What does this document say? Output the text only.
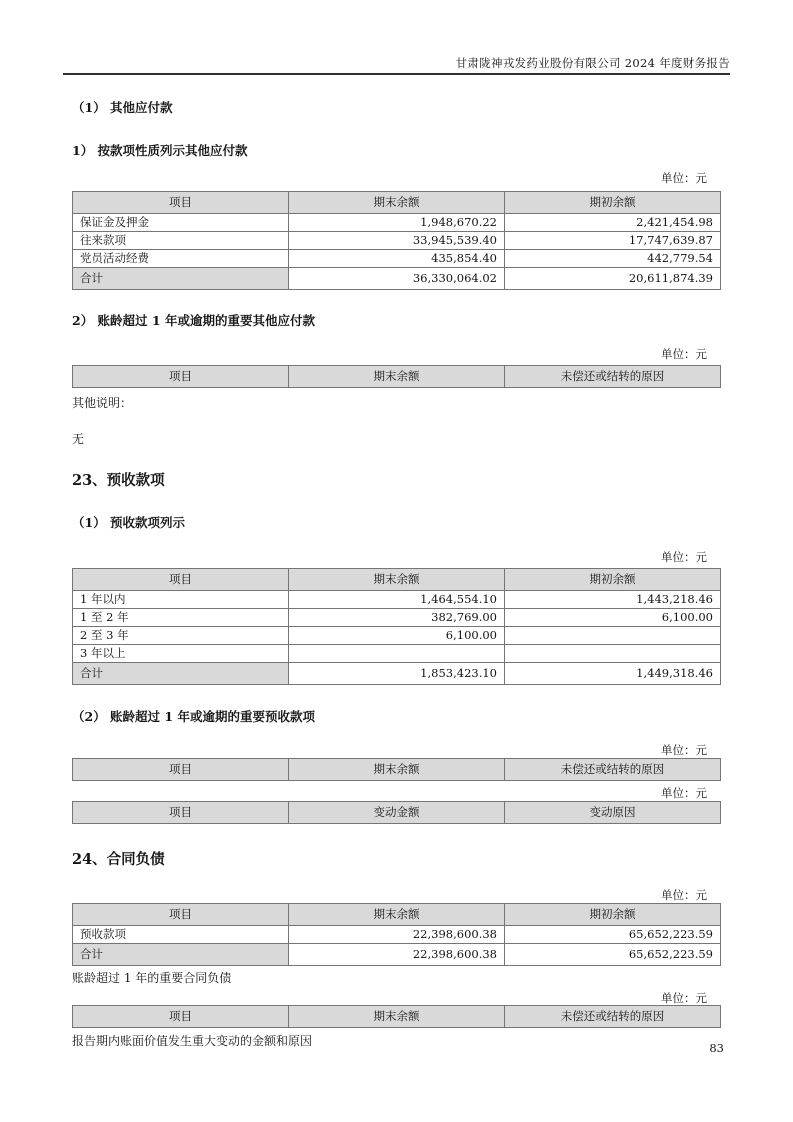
甘肃陇神戎发药业股份有限公司 2024 年度财务报告

（1） 其他应付款

1） 按款项性质列示其他应付款

单位：元

项目	期末余额	期初余额
保证金及押金	1,948,670.22	2,421,454.98
往来款项	33,945,539.40	17,747,639.87
党员活动经费	435,854.40	442,779.54
合计	36,330,064.02	20,611,874.39

2） 账龄超过 1 年或逾期的重要其他应付款

单位：元

项目	期末余额	未偿还或结转的原因

其他说明：

无

23、预收款项

（1） 预收款项列示

单位：元

项目	期末余额	期初余额
1 年以内	1,464,554.10	1,443,218.46
1 至 2 年	382,769.00	6,100.00
2 至 3 年	6,100.00	
3 年以上		
合计	1,853,423.10	1,449,318.46

（2） 账龄超过 1 年或逾期的重要预收款项

单位：元

项目	期末余额	未偿还或结转的原因

单位：元

项目	变动金额	变动原因

24、合同负债

单位：元

项目	期末余额	期初余额
预收款项	22,398,600.38	65,652,223.59
合计	22,398,600.38	65,652,223.59

账龄超过 1 年的重要合同负债

单位：元

项目	期末余额	未偿还或结转的原因

报告期内账面价值发生重大变动的金额和原因	83
